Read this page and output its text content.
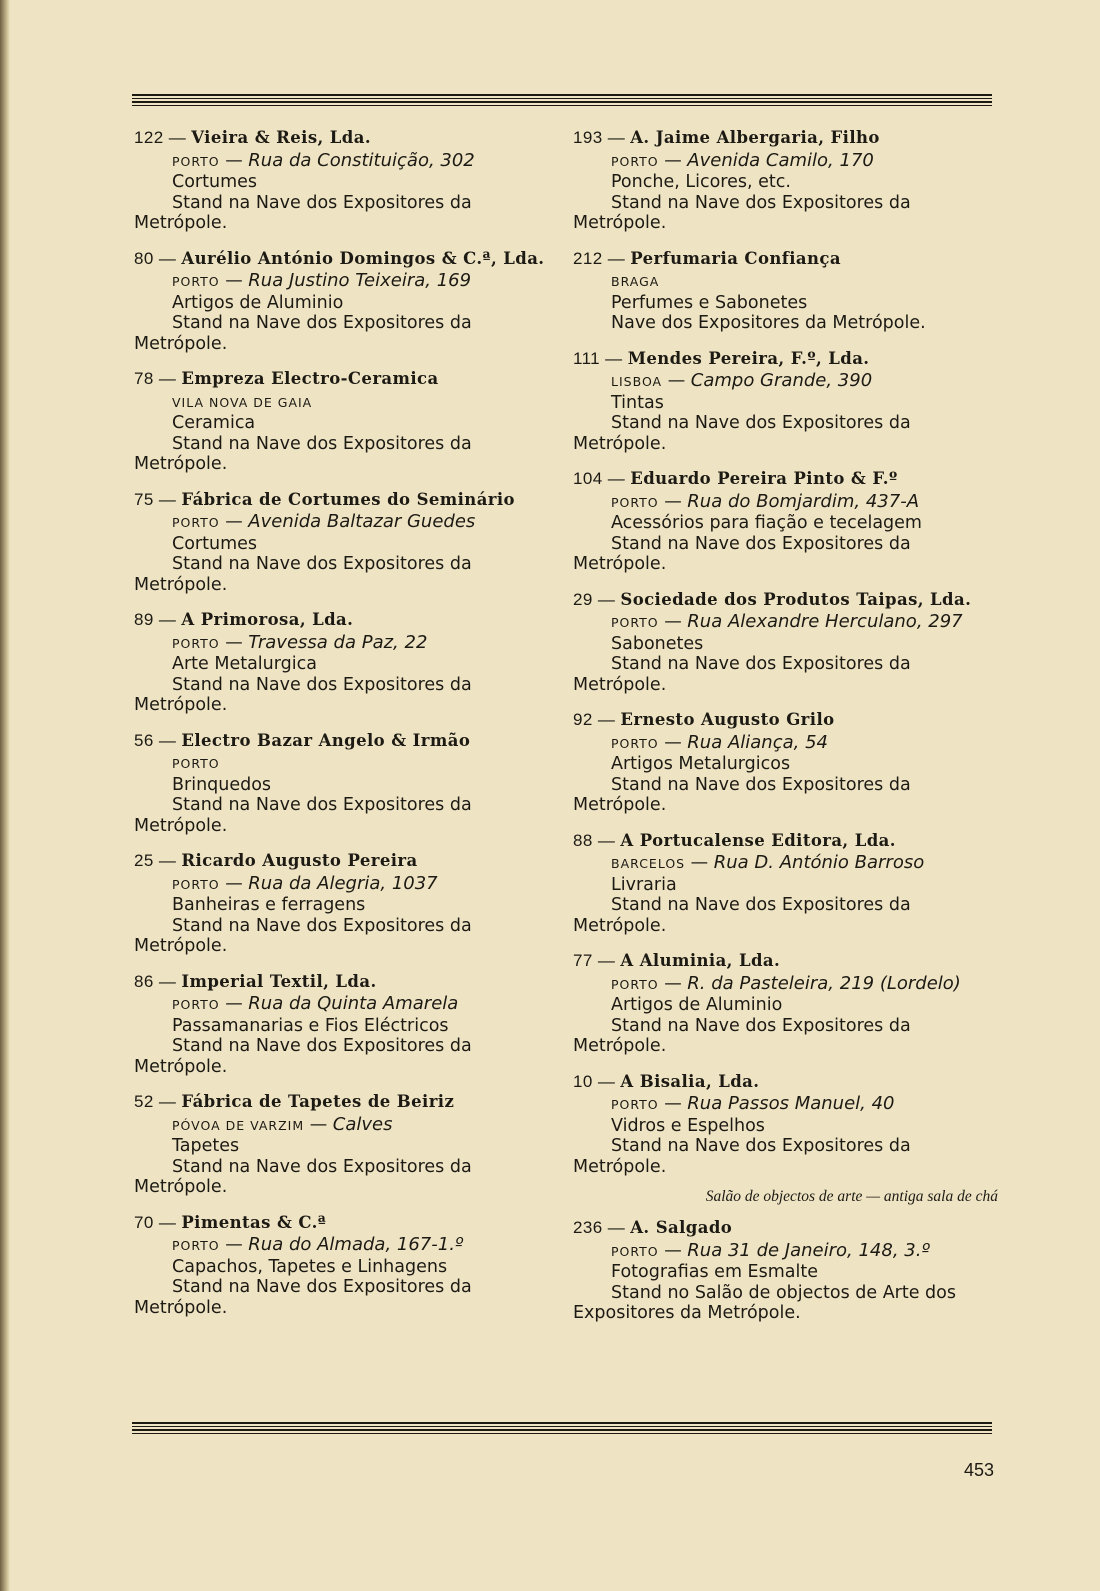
122 — Vieira & Reis, Lda.
PORTO — Rua da Constituição, 302
Cortumes
Stand na Nave dos Expositores da Metrópole.
80 — Aurélio António Domingos & C.ª, Lda.
PORTO — Rua Justino Teixeira, 169
Artigos de Aluminio
Stand na Nave dos Expositores da Metrópole.
78 — Empreza Electro-Ceramica
VILA NOVA DE GAIA
Ceramica
Stand na Nave dos Expositores da Metrópole.
75 — Fábrica de Cortumes do Seminário
PORTO — Avenida Baltazar Guedes
Cortumes
Stand na Nave dos Expositores da Metrópole.
89 — A Primorosa, Lda.
PORTO — Travessa da Paz, 22
Arte Metalurgica
Stand na Nave dos Expositores da Metrópole.
56 — Electro Bazar Angelo & Irmão
PORTO
Brinquedos
Stand na Nave dos Expositores da Metrópole.
25 — Ricardo Augusto Pereira
PORTO — Rua da Alegria, 1037
Banheiras e ferragens
Stand na Nave dos Expositores da Metrópole.
86 — Imperial Textil, Lda.
PORTO — Rua da Quinta Amarela
Passamanarias e Fios Eléctricos
Stand na Nave dos Expositores da Metrópole.
52 — Fábrica de Tapetes de Beiriz
PÓVOA DE VARZIM — Calves
Tapetes
Stand na Nave dos Expositores da Metrópole.
70 — Pimentas & C.ª
PORTO — Rua do Almada, 167-1.º
Capachos, Tapetes e Linhagens
Stand na Nave dos Expositores da Metrópole.
193 — A. Jaime Albergaria, Filho
PORTO — Avenida Camilo, 170
Ponche, Licores, etc.
Stand na Nave dos Expositores da Metrópole.
212 — Perfumaria Confiança
BRAGA
Perfumes e Sabonetes
Nave dos Expositores da Metrópole.
111 — Mendes Pereira, F.º, Lda.
LISBOA — Campo Grande, 390
Tintas
Stand na Nave dos Expositores da Metrópole.
104 — Eduardo Pereira Pinto & F.º
PORTO — Rua do Bomjardim, 437-A
Acessórios para fiação e tecelagem
Stand na Nave dos Expositores da Metrópole.
29 — Sociedade dos Produtos Taipas, Lda.
PORTO — Rua Alexandre Herculano, 297
Sabonetes
Stand na Nave dos Expositores da Metrópole.
92 — Ernesto Augusto Grilo
PORTO — Rua Aliança, 54
Artigos Metalurgicos
Stand na Nave dos Expositores da Metrópole.
88 — A Portucalense Editora, Lda.
BARCELOS — Rua D. António Barroso
Livraria
Stand na Nave dos Expositores da Metrópole.
77 — A Aluminia, Lda.
PORTO — R. da Pasteleira, 219 (Lordelo)
Artigos de Aluminio
Stand na Nave dos Expositores da Metrópole.
10 — A Bisalia, Lda.
PORTO — Rua Passos Manuel, 40
Vidros e Espelhos
Stand na Nave dos Expositores da Metrópole.
Salão de objectos de arte — antiga sala de chá
236 — A. Salgado
PORTO — Rua 31 de Janeiro, 148, 3.º
Fotografias em Esmalte
Stand no Salão de objectos de Arte dos Expositores da Metrópole.
453
